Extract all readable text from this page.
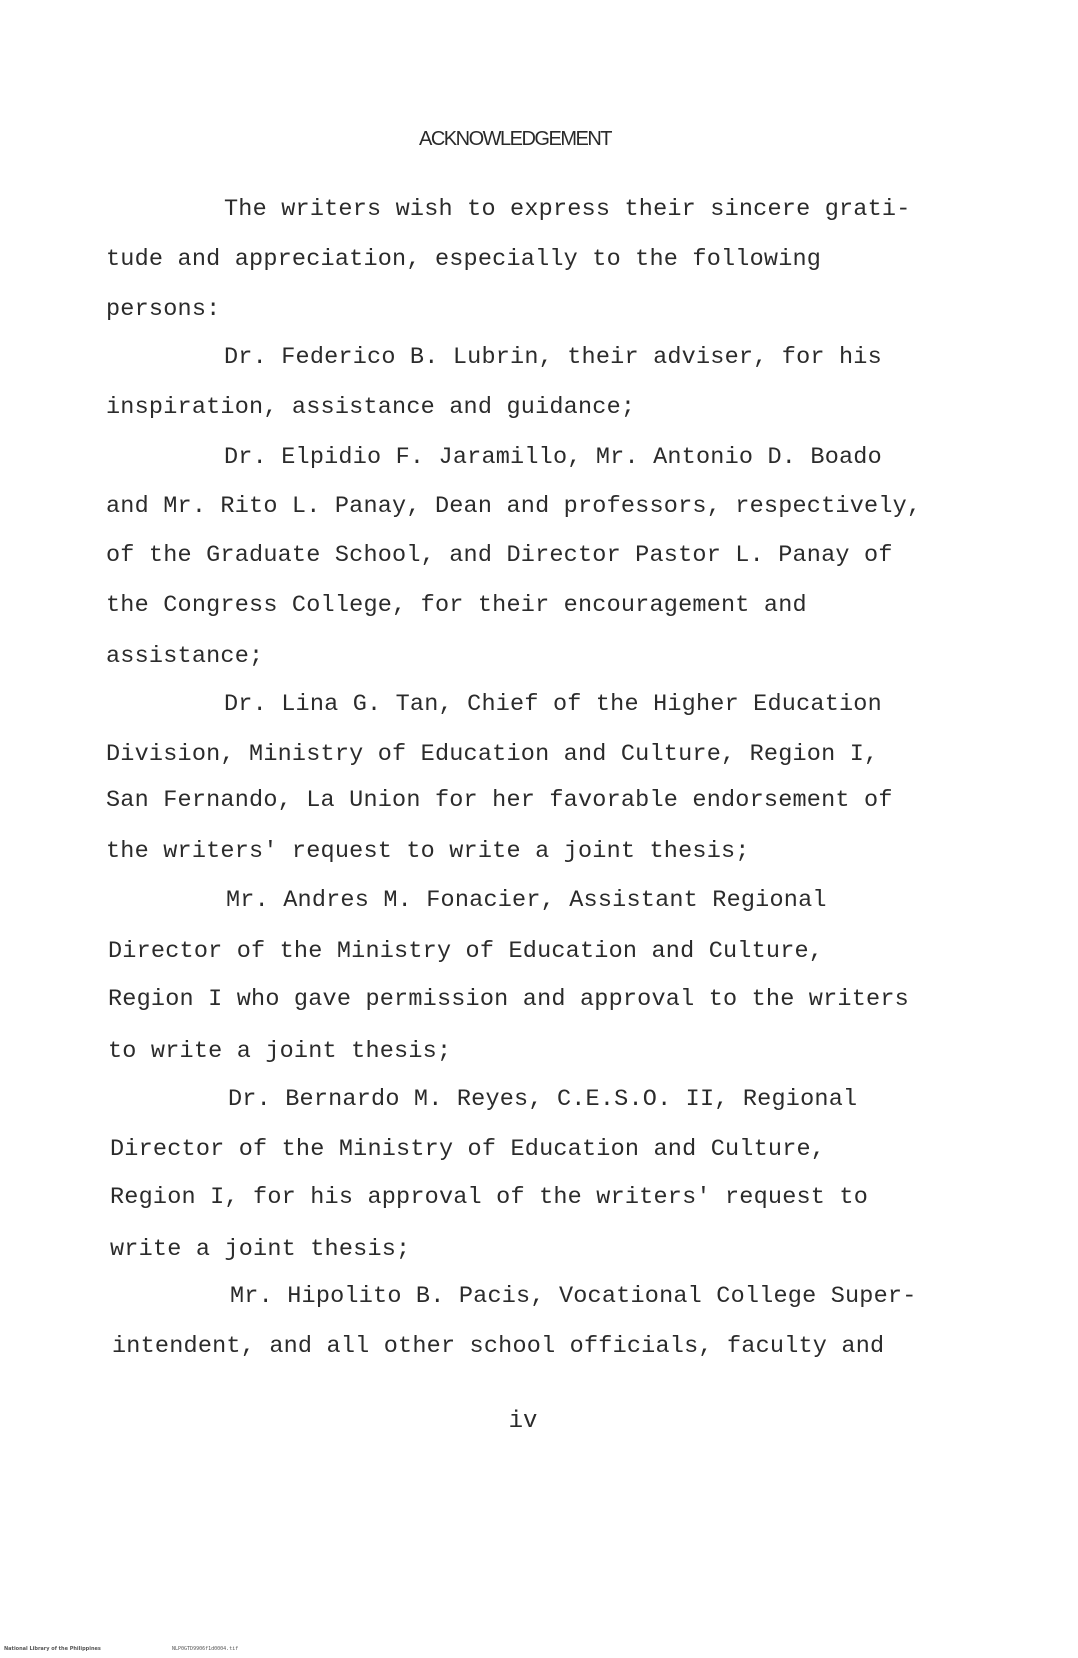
ACKNOWLEDGEMENT
The writers wish to express their sincere grati-
tude and appreciation, especially to the following
persons:
Dr. Federico B. Lubrin, their adviser, for his
inspiration, assistance and guidance;
Dr. Elpidio F. Jaramillo, Mr. Antonio D. Boado
and Mr. Rito L. Panay, Dean and professors, respectively,
of the Graduate School, and Director Pastor L. Panay of
the Congress College, for their encouragement and
assistance;
Dr. Lina G. Tan, Chief of the Higher Education
Division, Ministry of Education and Culture, Region I,
San Fernando, La Union for her favorable endorsement of
the writers' request to write a joint thesis;
Mr. Andres M. Fonacier, Assistant Regional
Director of the Ministry of Education and Culture,
Region I who gave permission and approval to the writers
to write a joint thesis;
Dr. Bernardo M. Reyes, C.E.S.O. II, Regional
Director of the Ministry of Education and Culture,
Region I, for his approval of the writers' request to
write a joint thesis;
Mr. Hipolito B. Pacis, Vocational College Super-
intendent, and all other school officials, faculty and
iv
National Library of the Philippines	NLP0GTD9906f1d0004.tif
